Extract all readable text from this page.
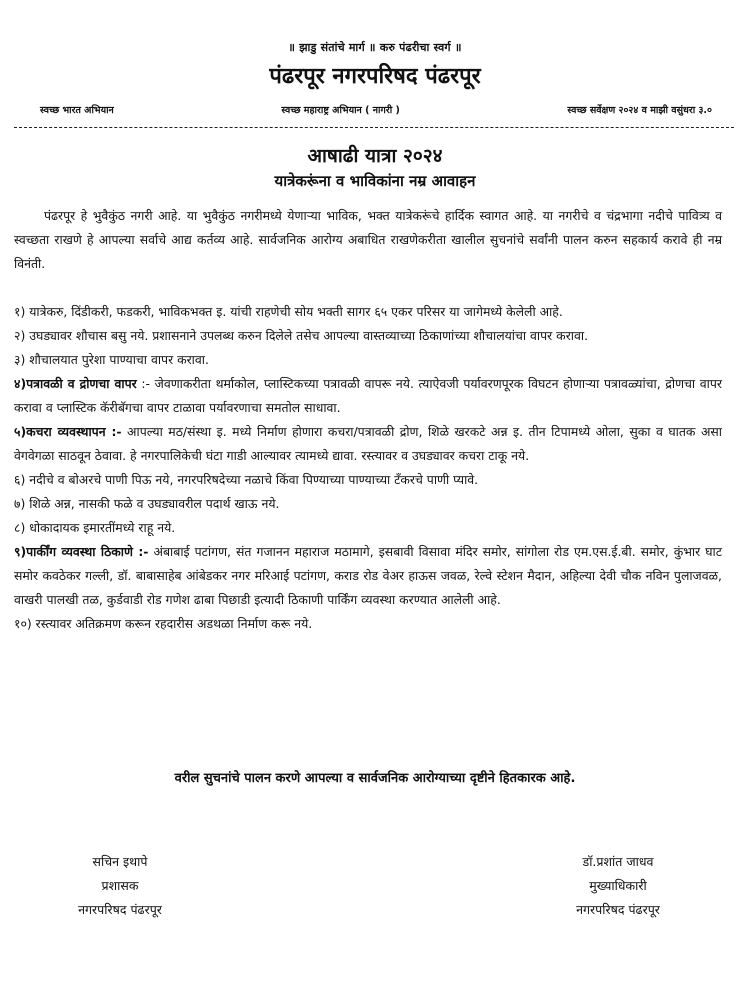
॥ झाडु संतांचे मार्ग ॥ करु पंढरीचा स्वर्ग ॥
पंढरपूर नगरपरिषद पंढरपूर
स्वच्छ भारत अभियान	स्वच्छ महाराष्ट्र अभियान ( नागरी )	स्वच्छ सर्वेक्षण २०२४ व माझी वसुंधरा ३.०
आषाढी यात्रा २०२४
यात्रेकरूंना व भाविकांना नम्र आवाहन

पंढरपूर हे भुवैकुंठ नगरी आहे. या भुवैकुंठ नगरीमध्ये येणाऱ्या भाविक, भक्त यात्रेकरूंचे हार्दिक स्वागत आहे. या नगरीचे व चंद्रभागा नदीचे पावित्र्य व स्वच्छता राखणे हे आपल्या सर्वाचे आद्य कर्तव्य आहे. सार्वजनिक आरोग्य अबाधित राखणेकरीता खालील सुचनांचे सर्वांनी पालन करुन सहकार्य करावे ही नम्र विनंती.

१) यात्रेकरु, दिंडीकरी, फडकरी, भाविकभक्त इ. यांची राहणेची सोय भक्ती सागर ६५ एकर परिसर या जागेमध्ये केलेली आहे.

२) उघड्यावर शौचास बसु नये. प्रशासनाने उपलब्ध करुन दिलेले तसेच आपल्या वास्तव्याच्या ठिकाणांच्या शौचालयांचा वापर करावा.

३) शौचालयात पुरेशा पाण्याचा वापर करावा.

४)पत्रावळी व द्रोणचा वापर :- जेवणाकरीता थर्माकोल, प्लास्टिकच्या पत्रावळी वापरू नये. त्याऐवजी पर्यावरणपूरक विघटन होणाऱ्या पत्रावळ्यांचा, द्रोणचा वापर करावा व प्लास्टिक कॅरीबॅगचा वापर टाळावा पर्यावरणाचा समतोल साधावा.

५)कचरा व्यवस्थापन :- आपल्या मठ/संस्था इ. मध्ये निर्माण होणारा कचरा/पत्रावळी द्रोण, शिळे खरकटे अन्न इ. तीन टिपामध्ये ओला, सुका व घातक असा वेगवेगळा साठवून ठेवावा. हे नगरपालिकेची घंटा गाडी आल्यावर त्यामध्ये द्यावा. रस्त्यावर व उघड्यावर कचरा टाकू नये.

६) नदीचे व बोअरचे पाणी पिऊ नये, नगरपरिषदेच्या नळाचे किंवा पिण्याच्या पाण्याच्या टँकरचे पाणी प्यावे.

७) शिळे अन्न, नासकी फळे व उघड्यावरील पदार्थ खाऊ नये.

८) धोकादायक इमारतींमध्ये राहू नये.

९)पार्कींग व्यवस्था ठिकाणे :- अंबाबाई पटांगण, संत गजानन महाराज मठामागे, इसबावी विसावा मंदिर समोर, सांगोला रोड एम.एस.ई.बी. समोर, कुंभार घाट समोर कवठेकर गल्ली, डॉ. बाबासाहेब आंबेडकर नगर मरिआई पटांगण, कराड रोड वेअर हाऊस जवळ, रेल्वे स्टेशन मैदान, अहिल्या देवी चौक नविन पुलाजवळ, वाखरी पालखी तळ, कुर्डवाडी रोड गणेश ढाबा पिछाडी इत्यादी ठिकाणी पार्किंग व्यवस्था करण्यात आलेली आहे.

१०) रस्त्यावर अतिक्रमण करून रहदारीस अडथळा निर्माण करू नये.

वरील सुचनांचे पालन करणे आपल्या व सार्वजनिक आरोग्याच्या दृष्टीने हितकारक आहे.
सचिन इथापे
प्रशासक
नगरपरिषद पंढरपूर
डॉ.प्रशांत जाधव
मुख्याधिकारी
नगरपरिषद पंढरपूर
